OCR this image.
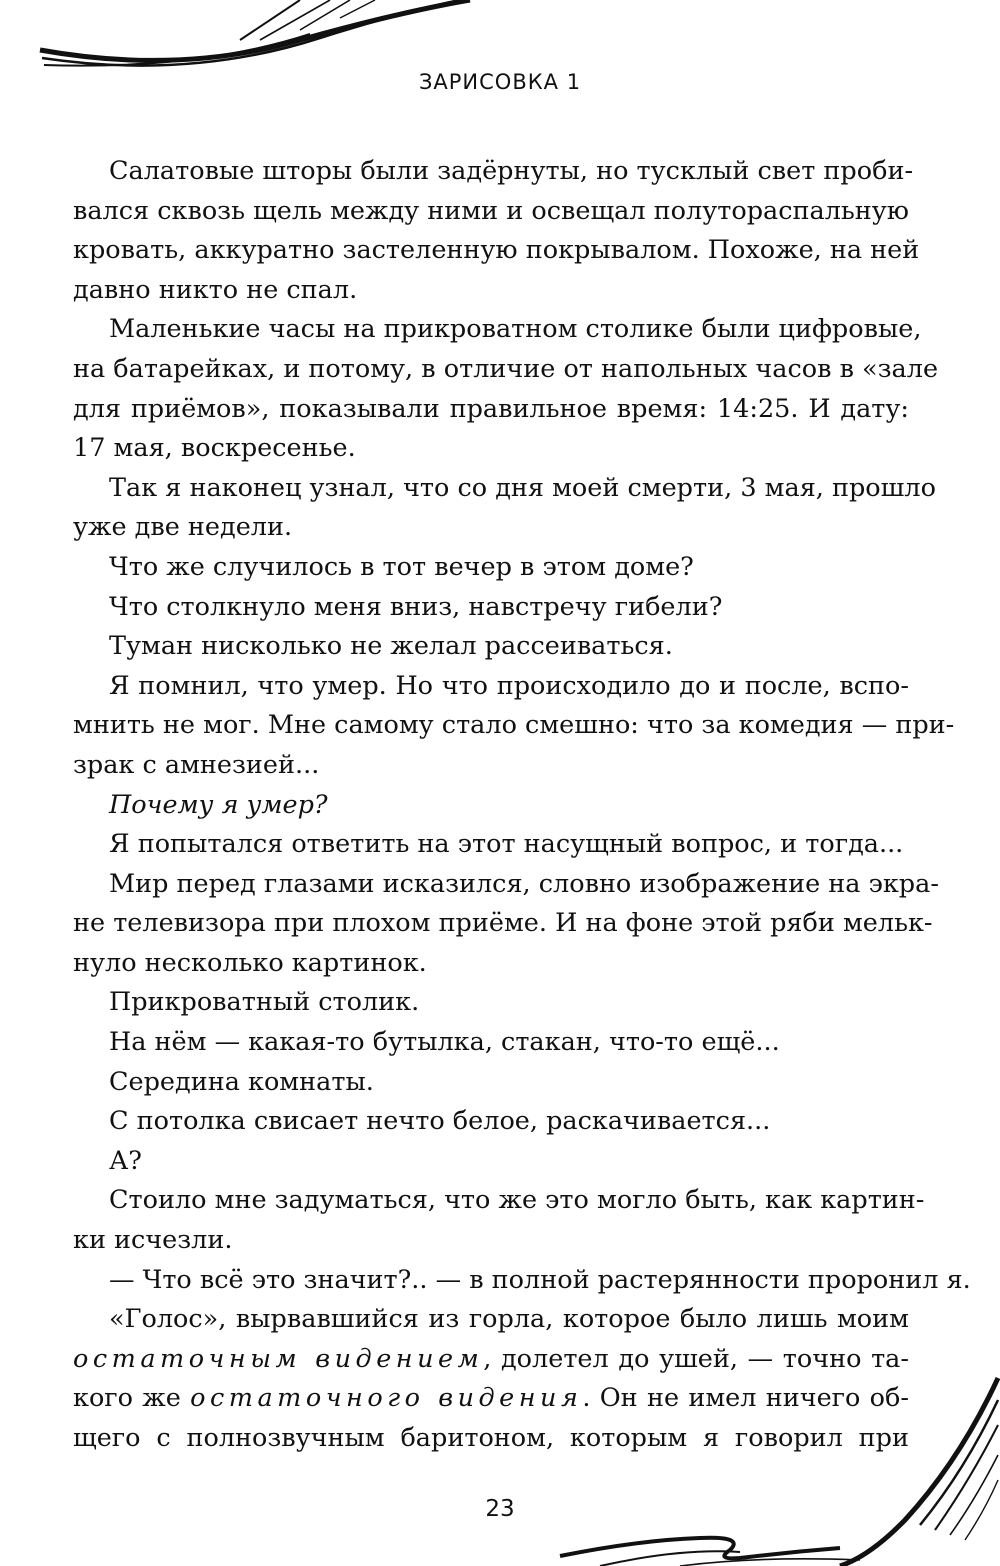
ЗАРИСОВКА 1
Салатовые шторы были задёрнуты, но тусклый свет проби-
вался сквозь щель между ними и освещал полутораспальную
кровать, аккуратно застеленную покрывалом. Похоже, на ней
давно никто не спал.
Маленькие часы на прикроватном столике были цифровые,
на батарейках, и потому, в отличие от напольных часов в «зале
для приёмов», показывали правильное время: 14:25. И дату:
17 мая, воскресенье.
Так я наконец узнал, что со дня моей смерти, 3 мая, прошло
уже две недели.
Что же случилось в тот вечер в этом доме?
Что столкнуло меня вниз, навстречу гибели?
Туман нисколько не желал рассеиваться.
Я помнил, что умер. Но что происходило до и после, вспо-
мнить не мог. Мне самому стало смешно: что за комедия — при-
зрак с амнезией...
Почему я умер?
Я попытался ответить на этот насущный вопрос, и тогда...
Мир перед глазами исказился, словно изображение на экра-
не телевизора при плохом приёме. И на фоне этой ряби мельк-
нуло несколько картинок.
Прикроватный столик.
На нём — какая-то бутылка, стакан, что-то ещё...
Середина комнаты.
С потолка свисает нечто белое, раскачивается...
А?
Стоило мне задуматься, что же это могло быть, как картин-
ки исчезли.
— Что всё это значит?.. — в полной растерянности проронил я.
«Голос», вырвавшийся из горла, которое было лишь моим
остаточным видением, долетел до ушей, — точно та-
кого же остаточного видения. Он не имел ничего об-
щего с полнозвучным баритоном, которым я говорил при
23
